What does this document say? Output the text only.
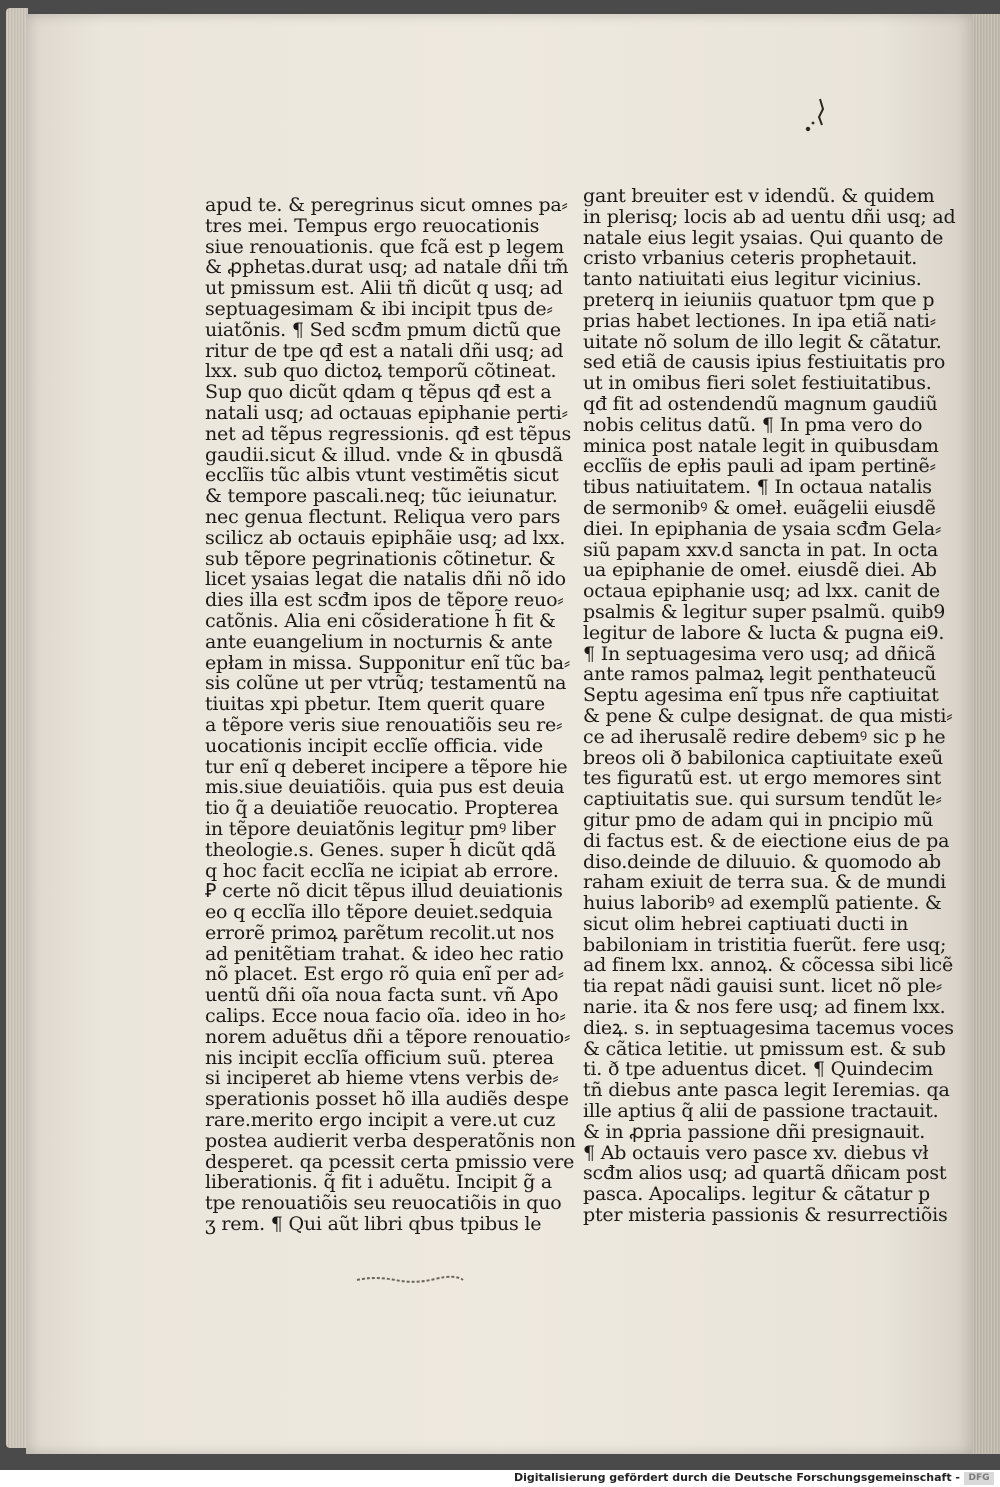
apud te. & peregrinus sicut omnes pa⸗
tres mei. Tempus ergo reuocationis
siue renouationis. que fcã est p legem
& ꝓphetas.durat usq; ad natale dñi tm̃
ut pmissum est. Alii tñ dicũt q usq; ad
septuagesimam & ibi incipit tpus de⸗
uiatõnis. ¶ Sed scđm pmum dictũ que
ritur de tpe qđ est a natali dñi usq; ad
lxx. sub quo dictoꝝ temporũ cõtineat.
Sup quo dicũt qdam q tẽpus qđ est a
natali usq; ad octauas epiphanie perti⸗
net ad tẽpus regressionis. qđ est tẽpus
gaudii.sicut & illud. vnde & in qbusdã
ecclĩis tũc albis vtunt vestimẽtis sicut
& tempore pascali.neq; tũc ieiunatur.
nec genua flectunt. Reliqua vero pars
scilicz ab octauis epiphãie usq; ad lxx.
sub tẽpore pegrinationis cõtinetur. &
licet ysaias legat die natalis dñi nõ ido
dies illa est scđm ipos de tẽpore reuo⸗
catõnis. Alia eni cõsideratione h̃ fit &
ante euangelium in nocturnis & ante
epłam in missa. Supponitur enĩ tũc ba⸗
sis colũne ut per vtrũq; testamentũ na
tiuitas xpi pbetur. Item querit quare
a tẽpore veris siue renouatiõis seu re⸗
uocationis incipit ecclĩe officia. vide
tur enĩ q deberet incipere a tẽpore hie
mis.siue deuiatiõis. quia pus est deuia
tio q̃ a deuiatiõe reuocatio. Propterea
in tẽpore deuiatõnis legitur pmꝰ liber
theologie.s. Genes. super h̃ dicũt qdã
q hoc facit ecclĩa ne icipiat ab errore.
Ꝑ certe nõ dicit tẽpus illud deuiationis
eo q ecclĩa illo tẽpore deuiet.sedquia
errorẽ primoꝝ parẽtum recolit.ut nos
ad penitẽtiam trahat. & ideo hec ratio
nõ placet. Est ergo rõ quia enĩ per ad⸗
uentũ dñi oĩa noua facta sunt. vñ Apo
calips. Ecce noua facio oĩa. ideo in ho⸗
norem aduẽtus dñi a tẽpore renouatio⸗
nis incipit ecclĩa officium suũ. pterea
si inciperet ab hieme vtens verbis de⸗
sperationis posset hõ illa audiẽs despe
rare.merito ergo incipit a vere.ut cuz
postea audierit verba desperatõnis non
desperet. qa pcessit certa pmissio vere
liberationis. q̃ fit i aduẽtu. Incipit g̃ a
tpe renouatiõis seu reuocatiõis in quo
ʒ rem. ¶ Qui aũt libri qbus tpibus le
gant breuiter est v idendũ. & quidem
in plerisq; locis ab ad uentu dñi usq; ad
natale eius legit ysaias. Qui quanto de
cristo vrbanius ceteris prophetauit.
tanto natiuitati eius legitur vicinius.
preterq in ieiuniis quatuor tpm que p
prias habet lectiones. In ipa etiã nati⸗
uitate nõ solum de illo legit & cãtatur.
sed etiã de causis ipius festiuitatis pro
ut in omibus fieri solet festiuitatibus.
qđ fit ad ostendendũ magnum gaudiũ
nobis celitus datũ. ¶ In pma vero do
minica post natale legit in quibusdam
ecclĩis de epłis pauli ad ipam pertinẽ⸗
tibus natiuitatem. ¶ In octaua natalis
de sermonibꝰ & omeł. euãgelii eiusdẽ
diei. In epiphania de ysaia scđm Gela⸗
siũ papam xxv.d sancta in pat. In octa
ua epiphanie de omeł. eiusdẽ diei. Ab
octaua epiphanie usq; ad lxx. canit de
psalmis & legitur super psalmũ. quib9
legitur de labore & lucta & pugna ei9.
¶ In septuagesima vero usq; ad dñicã
ante ramos palmaꝝ legit penthateucũ
Septu agesima enĩ tpus nr̃e captiuitat
& pene & culpe designat. de qua misti⸗
ce ad iherusalẽ redire debemꝰ sic p he
breos oli ð babilonica captiuitate exeũ
tes figuratũ est. ut ergo memores sint
captiuitatis sue. qui sursum tendũt le⸗
gitur pmo de adam qui in pncipio mũ
di factus est. & de eiectione eius de pa
diso.deinde de diluuio. & quomodo ab
raham exiuit de terra sua. & de mundi
huius laboribꝰ ad exemplũ patiente. &
sicut olim hebrei captiuati ducti in
babiloniam in tristitia fuerũt. fere usq;
ad finem lxx. annoꝝ. & cõcessa sibi licẽ
tia repat nãdi gauisi sunt. licet nõ ple⸗
narie. ita & nos fere usq; ad finem lxx.
dieꝝ. s. in septuagesima tacemus voces
& cãtica letitie. ut pmissum est. & sub
ti. ð tpe aduentus dicet. ¶ Quindecim
tñ diebus ante pasca legit Ieremias. qa
ille aptius q̃ alii de passione tractauit.
& in ꝓpria passione dñi presignauit.
¶ Ab octauis vero pasce xv. diebus vł
scđm alios usq; ad quartã dñicam post
pasca. Apocalips. legitur & cãtatur p
pter misteria passionis & resurrectiõis
Digitalisierung gefördert durch die Deutsche Forschungsgemeinschaft - DFG
